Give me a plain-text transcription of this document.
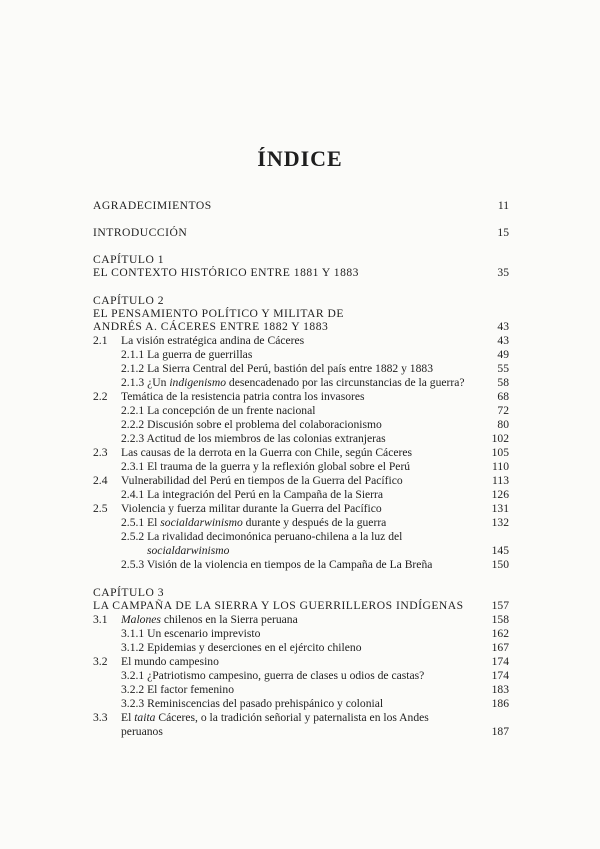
ÍNDICE
AGRADECIMIENTOS	11
INTRODUCCIÓN	15
CAPÍTULO 1
EL CONTEXTO HISTÓRICO ENTRE 1881 Y 1883	35
CAPÍTULO 2
EL PENSAMIENTO POLÍTICO Y MILITAR DE
ANDRÉS A. CÁCERES ENTRE 1882 Y 1883	43
2.1 La visión estratégica andina de Cáceres	43
2.1.1 La guerra de guerrillas	49
2.1.2 La Sierra Central del Perú, bastión del país entre 1882 y 1883	55
2.1.3 ¿Un indigenismo desencadenado por las circunstancias de la guerra?	58
2.2 Temática de la resistencia patria contra los invasores	68
2.2.1 La concepción de un frente nacional	72
2.2.2 Discusión sobre el problema del colaboracionismo	80
2.2.3 Actitud de los miembros de las colonias extranjeras	102
2.3 Las causas de la derrota en la Guerra con Chile, según Cáceres	105
2.3.1 El trauma de la guerra y la reflexión global sobre el Perú	110
2.4 Vulnerabilidad del Perú en tiempos de la Guerra del Pacífico	113
2.4.1 La integración del Perú en la Campaña de la Sierra	126
2.5 Violencia y fuerza militar durante la Guerra del Pacífico	131
2.5.1 El socialdarwinismo durante y después de la guerra	132
2.5.2 La rivalidad decimonónica peruano-chilena a la luz del
socialdarwinismo	145
2.5.3 Visión de la violencia en tiempos de la Campaña de La Breña	150
CAPÍTULO 3
LA CAMPAÑA DE LA SIERRA Y LOS GUERRILLEROS INDÍGENAS 157
3.1 Malones chilenos en la Sierra peruana	158
3.1.1 Un escenario imprevisto	162
3.1.2 Epidemias y deserciones en el ejército chileno	167
3.2 El mundo campesino	174
3.2.1 ¿Patriotismo campesino, guerra de clases u odios de castas?	174
3.2.2 El factor femenino	183
3.2.3 Reminiscencias del pasado prehispánico y colonial	186
3.3 El taita Cáceres, o la tradición señorial y paternalista en los Andes
peruanos	187
